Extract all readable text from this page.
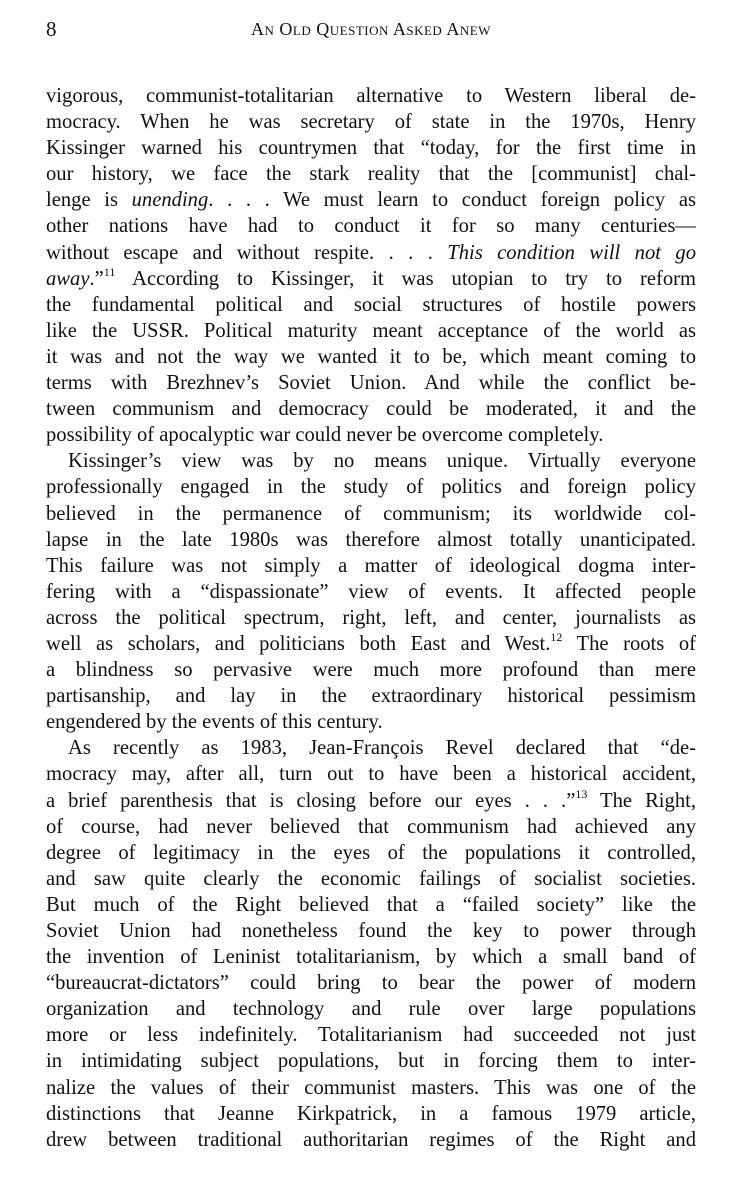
8	An Old Question Asked Anew
vigorous, communist-totalitarian alternative to Western liberal de-
mocracy. When he was secretary of state in the 1970s, Henry
Kissinger warned his countrymen that “today, for the first time in
our history, we face the stark reality that the [communist] chal-
lenge is unending. . . . We must learn to conduct foreign policy as
other nations have had to conduct it for so many centuries—
without escape and without respite. . . . This condition will not go
away.”$^{11}$ According to Kissinger, it was utopian to try to reform
the fundamental political and social structures of hostile powers
like the USSR. Political maturity meant acceptance of the world as
it was and not the way we wanted it to be, which meant coming to
terms with Brezhnev’s Soviet Union. And while the conflict be-
tween communism and democracy could be moderated, it and the
possibility of apocalyptic war could never be overcome completely.
Kissinger’s view was by no means unique. Virtually everyone
professionally engaged in the study of politics and foreign policy
believed in the permanence of communism; its worldwide col-
lapse in the late 1980s was therefore almost totally unanticipated.
This failure was not simply a matter of ideological dogma inter-
fering with a “dispassionate” view of events. It affected people
across the political spectrum, right, left, and center, journalists as
well as scholars, and politicians both East and West.$^{12}$ The roots of
a blindness so pervasive were much more profound than mere
partisanship, and lay in the extraordinary historical pessimism
engendered by the events of this century.
As recently as 1983, Jean-François Revel declared that “de-
mocracy may, after all, turn out to have been a historical accident,
a brief parenthesis that is closing before our eyes . . .”$^{13}$ The Right,
of course, had never believed that communism had achieved any
degree of legitimacy in the eyes of the populations it controlled,
and saw quite clearly the economic failings of socialist societies.
But much of the Right believed that a “failed society” like the
Soviet Union had nonetheless found the key to power through
the invention of Leninist totalitarianism, by which a small band of
“bureaucrat-dictators” could bring to bear the power of modern
organization and technology and rule over large populations
more or less indefinitely. Totalitarianism had succeeded not just
in intimidating subject populations, but in forcing them to inter-
nalize the values of their communist masters. This was one of the
distinctions that Jeanne Kirkpatrick, in a famous 1979 article,
drew between traditional authoritarian regimes of the Right and
